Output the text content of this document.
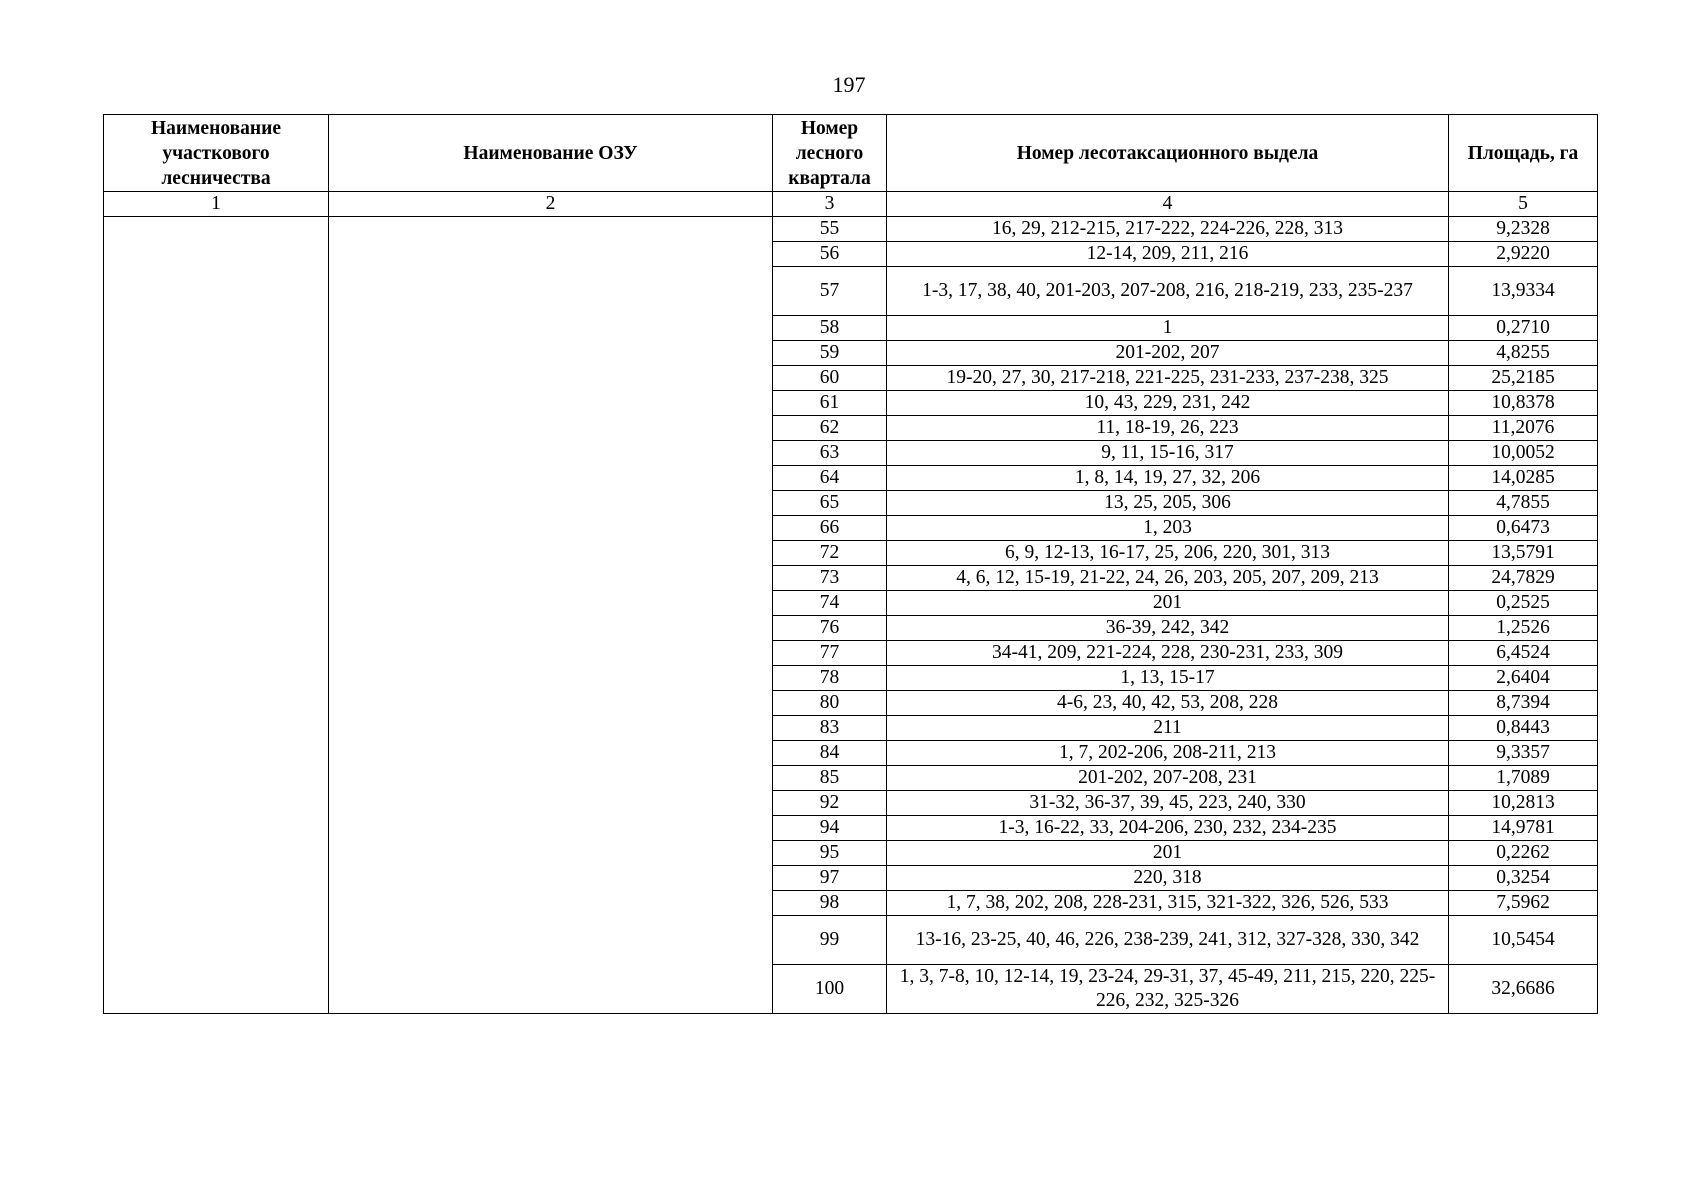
197
Наименование участкового лесничества	Наименование ОЗУ	Номер лесного квартала	Номер лесотаксационного выдела	Площадь, га
1	2	3	4	5
		55	16, 29, 212-215, 217-222, 224-226, 228, 313	9,2328
		56	12-14, 209, 211, 216	2,9220
		57	1-3, 17, 38, 40, 201-203, 207-208, 216, 218-219, 233, 235-237	13,9334
		58	1	0,2710
		59	201-202, 207	4,8255
		60	19-20, 27, 30, 217-218, 221-225, 231-233, 237-238, 325	25,2185
		61	10, 43, 229, 231, 242	10,8378
		62	11, 18-19, 26, 223	11,2076
		63	9, 11, 15-16, 317	10,0052
		64	1, 8, 14, 19, 27, 32, 206	14,0285
		65	13, 25, 205, 306	4,7855
		66	1, 203	0,6473
		72	6, 9, 12-13, 16-17, 25, 206, 220, 301, 313	13,5791
		73	4, 6, 12, 15-19, 21-22, 24, 26, 203, 205, 207, 209, 213	24,7829
		74	201	0,2525
		76	36-39, 242, 342	1,2526
		77	34-41, 209, 221-224, 228, 230-231, 233, 309	6,4524
		78	1, 13, 15-17	2,6404
		80	4-6, 23, 40, 42, 53, 208, 228	8,7394
		83	211	0,8443
		84	1, 7, 202-206, 208-211, 213	9,3357
		85	201-202, 207-208, 231	1,7089
		92	31-32, 36-37, 39, 45, 223, 240, 330	10,2813
		94	1-3, 16-22, 33, 204-206, 230, 232, 234-235	14,9781
		95	201	0,2262
		97	220, 318	0,3254
		98	1, 7, 38, 202, 208, 228-231, 315, 321-322, 326, 526, 533	7,5962
		99	13-16, 23-25, 40, 46, 226, 238-239, 241, 312, 327-328, 330, 342	10,5454
		100	1, 3, 7-8, 10, 12-14, 19, 23-24, 29-31, 37, 45-49, 211, 215, 220, 225-226, 232, 325-326	32,6686
